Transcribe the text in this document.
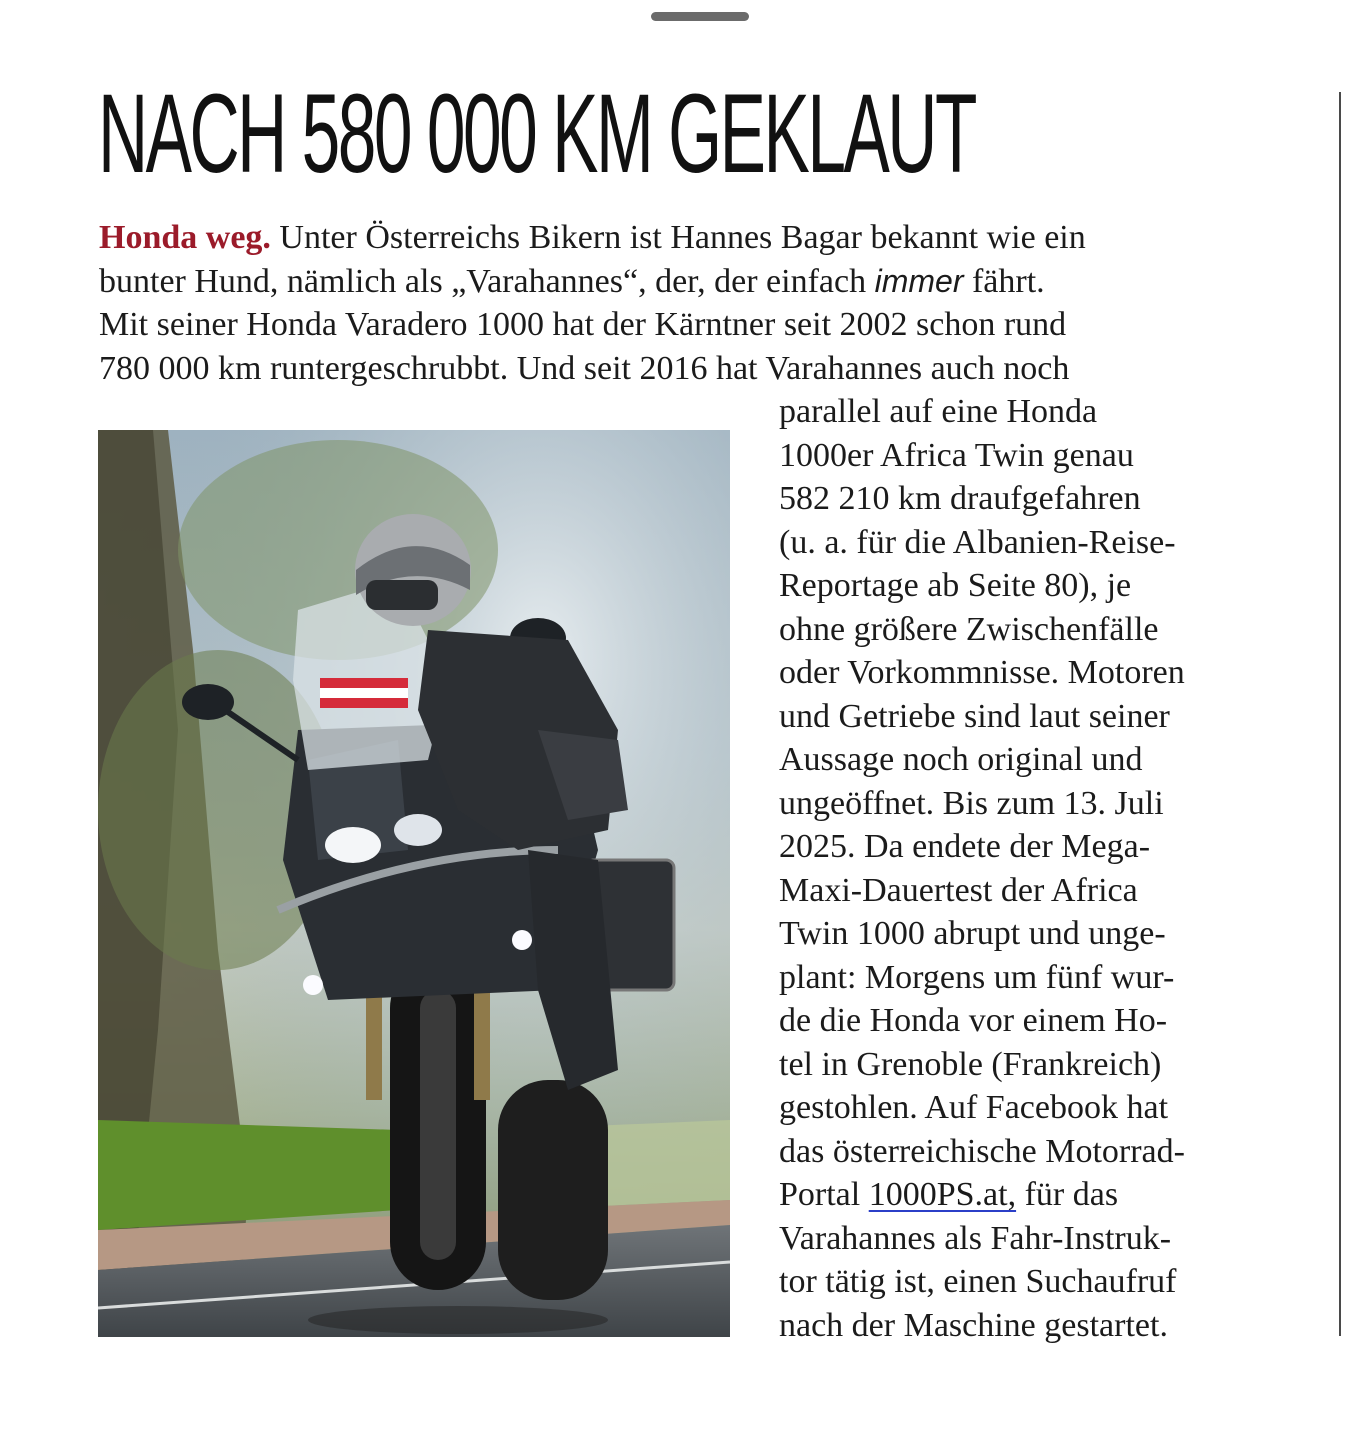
NACH 580 000 KM GEKLAUT
Honda weg. Unter Österreichs Bikern ist Hannes Bagar bekannt wie ein
bunter Hund, nämlich als „Varahannes“, der, der einfach immer fährt.
Mit seiner Honda Varadero 1000 hat der Kärntner seit 2002 schon rund
780 000 km runtergeschrubbt. Und seit 2016 hat Varahannes auch noch
parallel auf eine Honda
1000er Africa Twin genau
582 210 km draufgefahren
(u. a. für die Albanien-Reise-
Reportage ab Seite 80), je
ohne größere Zwischenfälle
oder Vorkommnisse. Motoren
und Getriebe sind laut seiner
Aussage noch original und
ungeöffnet. Bis zum 13. Juli
2025. Da endete der Mega-
Maxi-Dauertest der Africa
Twin 1000 abrupt und unge-
plant: Morgens um fünf wur-
de die Honda vor einem Ho-
tel in Grenoble (Frankreich)
gestohlen. Auf Facebook hat
das österreichische Motorrad-
Portal 1000PS.at, für das
Varahannes als Fahr-Instruk-
tor tätig ist, einen Suchaufruf
nach der Maschine gestartet.
